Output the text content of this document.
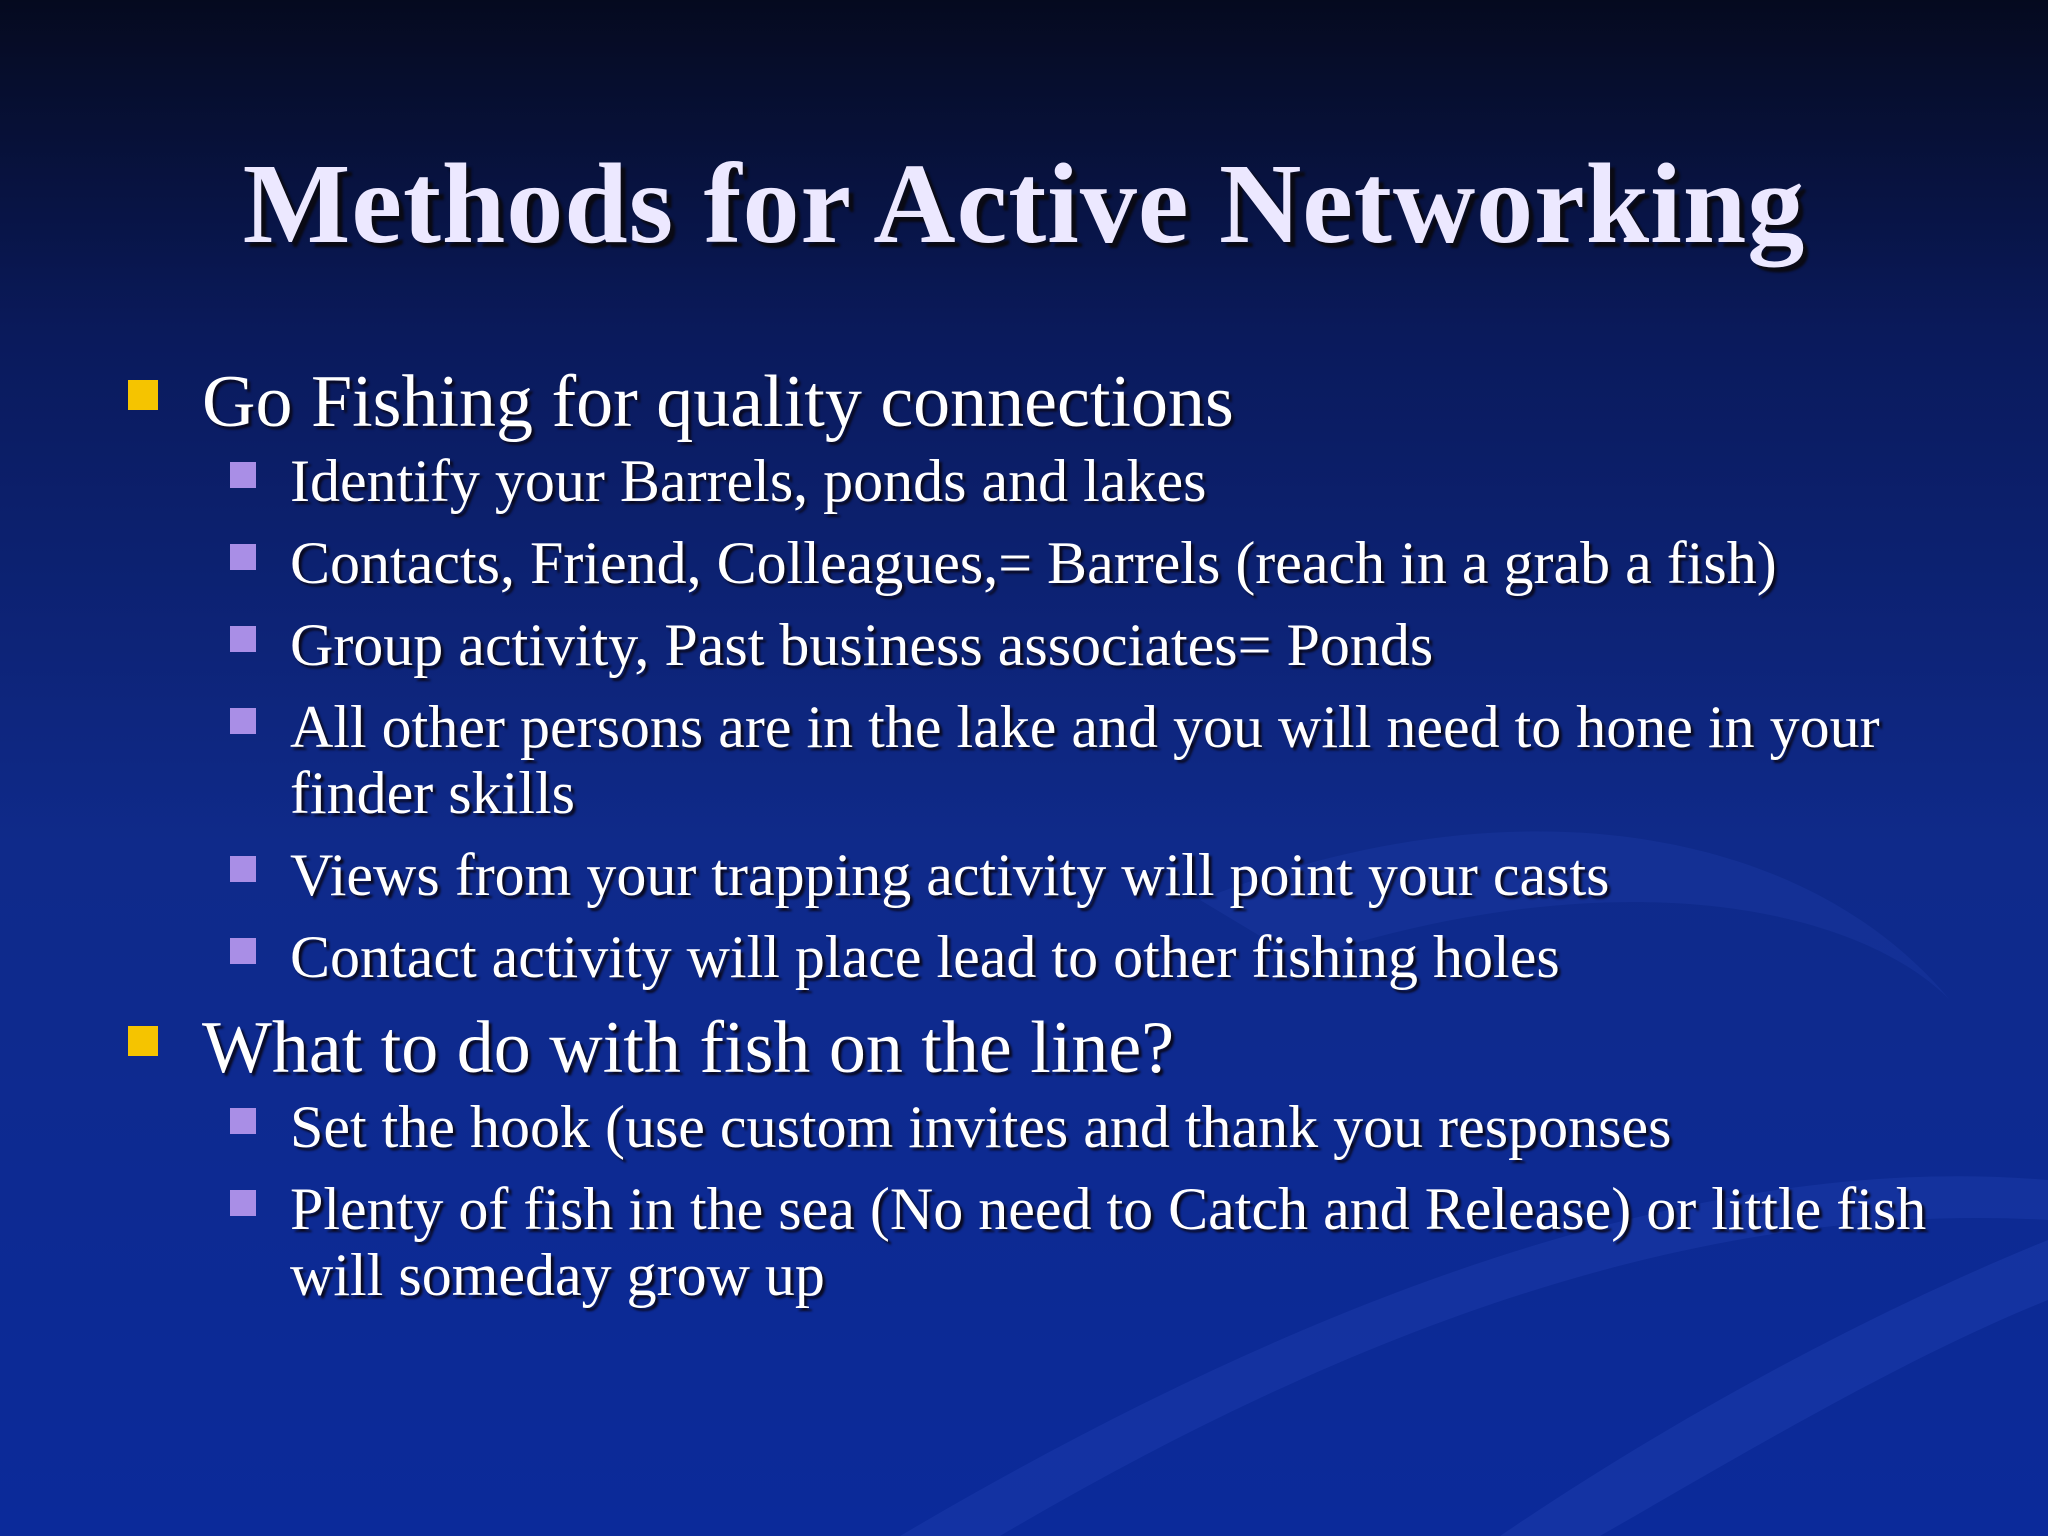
Methods for Active Networking
Go Fishing for quality connections
Identify your Barrels, ponds and lakes
Contacts, Friend, Colleagues,= Barrels (reach in a grab a fish)
Group activity, Past business associates= Ponds
All other persons are in the lake and you will need to hone in your finder skills
Views from your trapping activity will point your casts
Contact activity will place lead to other fishing holes
What to do with fish on the line?
Set the hook (use custom invites and thank you responses
Plenty of fish in the sea (No need to Catch and Release) or little fish will someday grow up
